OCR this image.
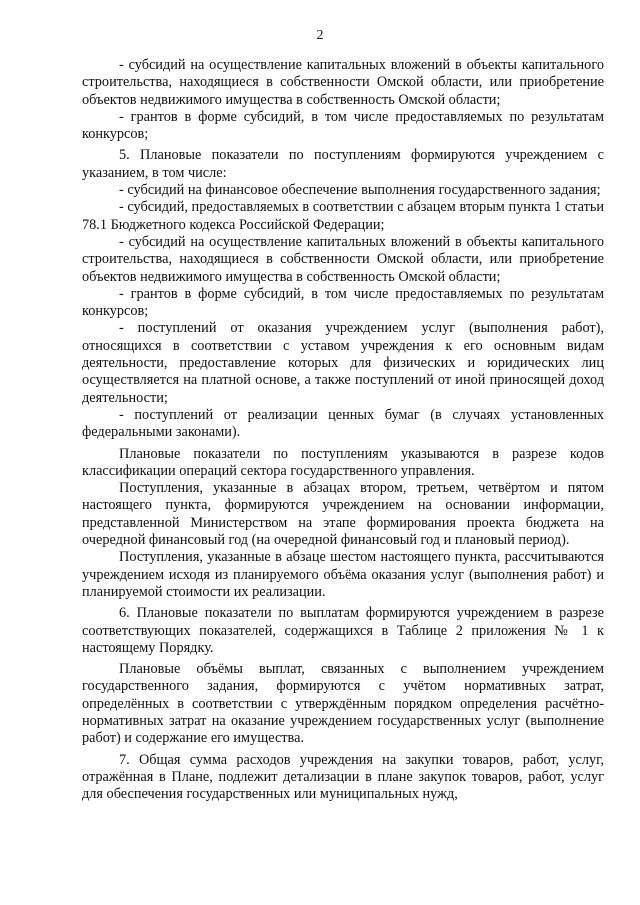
2

- субсидий на осуществление капитальных вложений в объекты капитального строительства, находящиеся в собственности Омской области, или приобретение объектов недвижимого имущества в собственность Омской области;

- грантов в форме субсидий, в том числе предоставляемых по результатам конкурсов;

5. Плановые показатели по поступлениям формируются учреждением с указанием, в том числе:

- субсидий на финансовое обеспечение выполнения государственного задания;

- субсидий, предоставляемых в соответствии с абзацем вторым пункта 1 статьи 78.1 Бюджетного кодекса Российской Федерации;

- субсидий на осуществление капитальных вложений в объекты капитального строительства, находящиеся в собственности Омской области, или приобретение объектов недвижимого имущества в собственность Омской области;

- грантов в форме субсидий, в том числе предоставляемых по результатам конкурсов;

- поступлений от оказания учреждением услуг (выполнения работ), относящихся в соответствии с уставом учреждения к его основным видам деятельности, предоставление которых для физических и юридических лиц осуществляется на платной основе, а также поступлений от иной приносящей доход деятельности;

- поступлений от реализации ценных бумаг (в случаях установленных федеральными законами).

Плановые показатели по поступлениям указываются в разрезе кодов классификации операций сектора государственного управления.

Поступления, указанные в абзацах втором, третьем, четвёртом и пятом настоящего пункта, формируются учреждением на основании информации, представленной Министерством на этапе формирования проекта бюджета на очередной финансовый год (на очередной финансовый год и плановый период).

Поступления, указанные в абзаце шестом настоящего пункта, рассчитываются учреждением исходя из планируемого объёма оказания услуг (выполнения работ) и планируемой стоимости их реализации.

6. Плановые показатели по выплатам формируются учреждением в разрезе соответствующих показателей, содержащихся в Таблице 2 приложения № 1 к настоящему Порядку.

Плановые объёмы выплат, связанных с выполнением учреждением государственного задания, формируются с учётом нормативных затрат, определённых в соответствии с утверждённым порядком определения расчётно-нормативных затрат на оказание учреждением государственных услуг (выполнение работ) и содержание его имущества.

7. Общая сумма расходов учреждения на закупки товаров, работ, услуг, отражённая в Плане, подлежит детализации в плане закупок товаров, работ, услуг для обеспечения государственных или муниципальных нужд,
